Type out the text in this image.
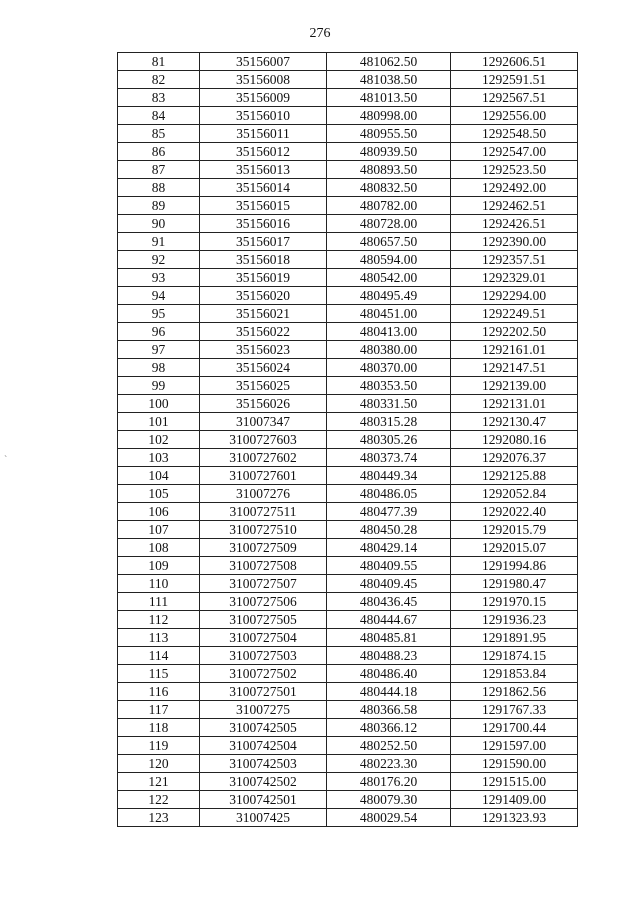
276
`
81	35156007	481062.50	1292606.51
82	35156008	481038.50	1292591.51
83	35156009	481013.50	1292567.51
84	35156010	480998.00	1292556.00
85	35156011	480955.50	1292548.50
86	35156012	480939.50	1292547.00
87	35156013	480893.50	1292523.50
88	35156014	480832.50	1292492.00
89	35156015	480782.00	1292462.51
90	35156016	480728.00	1292426.51
91	35156017	480657.50	1292390.00
92	35156018	480594.00	1292357.51
93	35156019	480542.00	1292329.01
94	35156020	480495.49	1292294.00
95	35156021	480451.00	1292249.51
96	35156022	480413.00	1292202.50
97	35156023	480380.00	1292161.01
98	35156024	480370.00	1292147.51
99	35156025	480353.50	1292139.00
100	35156026	480331.50	1292131.01
101	31007347	480315.28	1292130.47
102	3100727603	480305.26	1292080.16
103	3100727602	480373.74	1292076.37
104	3100727601	480449.34	1292125.88
105	31007276	480486.05	1292052.84
106	3100727511	480477.39	1292022.40
107	3100727510	480450.28	1292015.79
108	3100727509	480429.14	1292015.07
109	3100727508	480409.55	1291994.86
110	3100727507	480409.45	1291980.47
111	3100727506	480436.45	1291970.15
112	3100727505	480444.67	1291936.23
113	3100727504	480485.81	1291891.95
114	3100727503	480488.23	1291874.15
115	3100727502	480486.40	1291853.84
116	3100727501	480444.18	1291862.56
117	31007275	480366.58	1291767.33
118	3100742505	480366.12	1291700.44
119	3100742504	480252.50	1291597.00
120	3100742503	480223.30	1291590.00
121	3100742502	480176.20	1291515.00
122	3100742501	480079.30	1291409.00
123	31007425	480029.54	1291323.93
